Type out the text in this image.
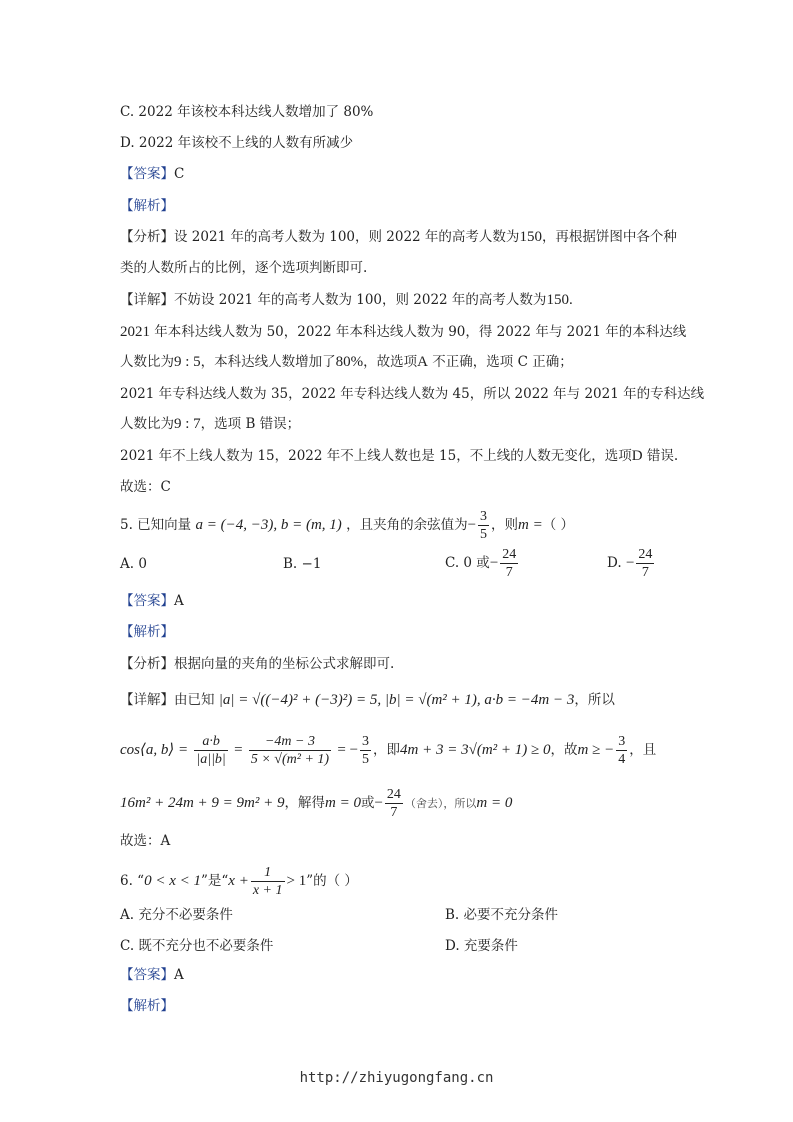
C. 2022 年该校本科达线人数增加了 80%
D. 2022 年该校不上线的人数有所减少
【答案】C
【解析】
【分析】设 2021 年的高考人数为 100，则 2022 年的高考人数为150，再根据饼图中各个种
类的人数所占的比例，逐个选项判断即可.
【详解】不妨设 2021 年的高考人数为 100，则 2022 年的高考人数为150.
2021 年本科达线人数为 50，2022 年本科达线人数为 90，得 2022 年与 2021 年的本科达线
人数比为9 : 5，本科达线人数增加了80%，故选项A 不正确，选项 C 正确；
2021 年专科达线人数为 35，2022 年专科达线人数为 45，所以 2022 年与 2021 年的专科达线
人数比为9 : 7，选项 B 错误；
2021 年不上线人数为 15，2022 年不上线人数也是 15，不上线的人数无变化，选项D 错误.
故选：C
5. 已知向量 a = (−4, −3), b = (m, 1) ，且夹角的余弦值为− $\frac{3}{5}$ ，则m =（ ）
A. 0	B. −1	C. 0 或− $\frac{24}{7}$	D. − $\frac{24}{7}$
【答案】A
【解析】
【分析】根据向量的夹角的坐标公式求解即可.
【详解】由已知 |a| = √((−4)² + (−3)²) = 5, |b| = √(m² + 1), a·b = −4m − 3，所以
cos⟨a, b⟩ = $\frac{a\cdot b}{|a||b|} = \frac{-4m - 3}{\text{5 × √(m² + 1)}}$ = − $\frac{3}{5}$ ，即4m + 3 = 3√(m² + 1) ≥ 0，故m ≥ − $\frac{3}{4}$ ，且
16m² + 24m + 9 = 9m² + 9，解得m = 0或− $\frac{24}{7}$ （舍去），所以m = 0
故选：A
6. “0 < x < 1”是“$x + \frac{1}{x + 1} > 1$”的（ ）
A. 充分不必要条件	B. 必要不充分条件
C. 既不充分也不必要条件	D. 充要条件
【答案】A
【解析】
http://zhiyugongfang.cn
